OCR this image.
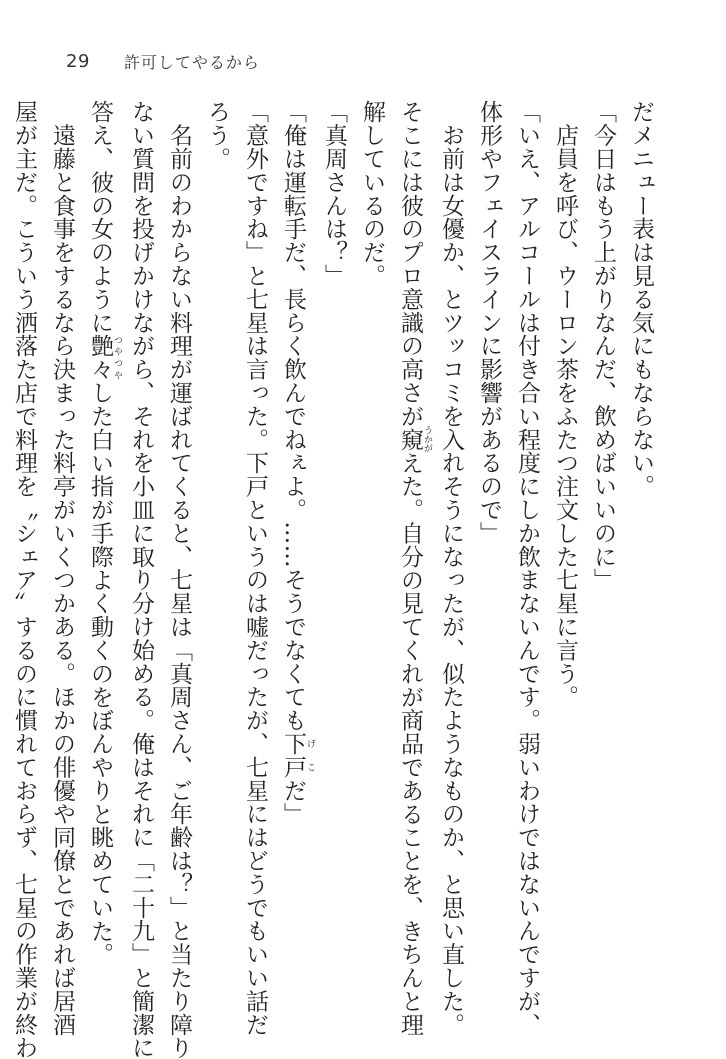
29 許可してやるから
だメニュー表は見る気にもならない。
「今日はもう上がりなんだ、飲めばいいのに」
　店員を呼び、ウーロン茶をふたつ注文した七星に言う。
「いえ、アルコールは付き合い程度にしか飲まないんです。弱いわけではないんですが、
体形やフェイスラインに影響があるので」
　お前は女優か、とツッコミを入れそうになったが、似たようなものか、と思い直した。
そこには彼のプロ意識の高さが窺 うかがえた。自分の見てくれが商品であることを、きちんと理
解しているのだ。
「真周さんは？」
「俺は運転手だ、長らく飲んでねぇよ。……そうでなくても下戸 げこだ」
「意外ですね」と七星は言った。下戸というのは嘘だったが、七星にはどうでもいい話だ
ろう。
　名前のわからない料理が運ばれてくると、七星は「真周さん、ご年齢は？」と当たり障り
ない質問を投げかけながら、それを小皿に取り分け始める。俺はそれに「二十九」と簡潔に
答え、彼の女のように艶々 つやつやした白い指が手際よく動くのをぼんやりと眺めていた。
　遠藤と食事をするなら決まった料亭がいくつかある。ほかの俳優や同僚とであれば居酒
屋が主だ。こういう洒落た店で料理を〝シェア〟するのに慣れておらず、七星の作業が終わ
